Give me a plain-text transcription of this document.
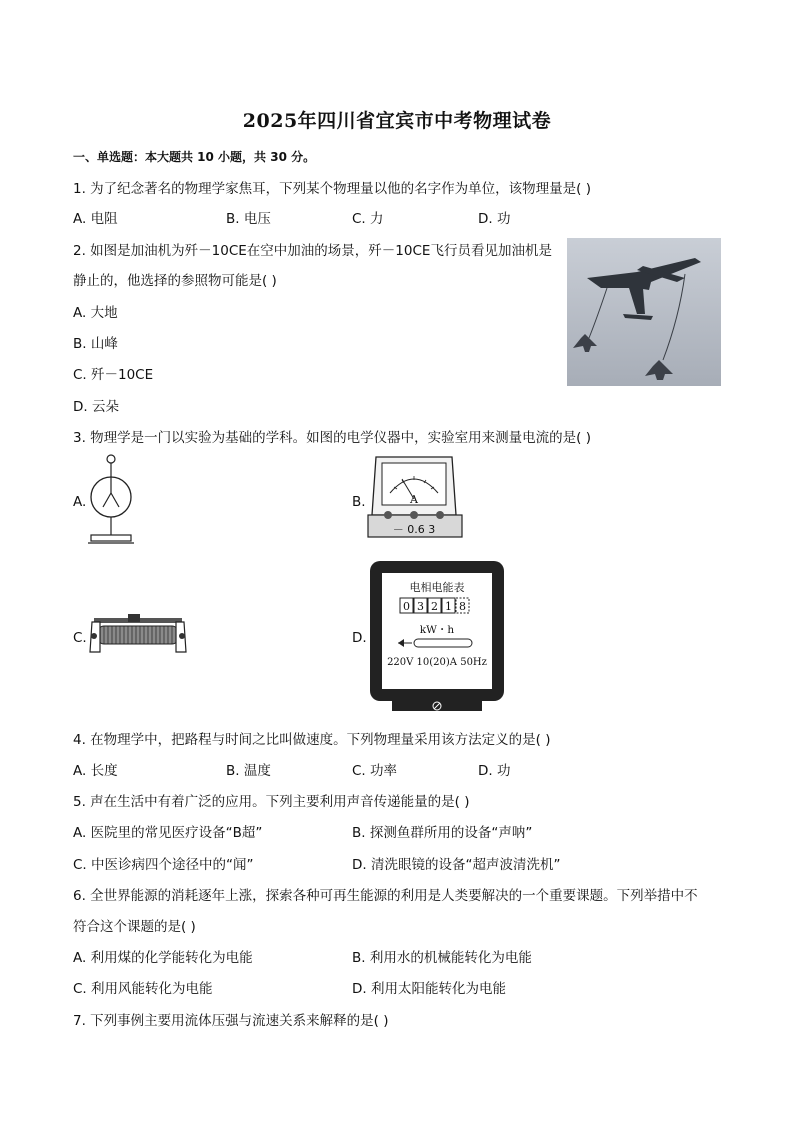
2025年四川省宜宾市中考物理试卷
一、单选题：本大题共 10 小题，共 30 分。
1. 为了纪念著名的物理学家焦耳，下列某个物理量以他的名字作为单位，该物理量是( )
A. 电阻	B. 电压	C. 力	D. 功
2. 如图是加油机为歼－10CE在空中加油的场景，歼－10CE飞行员看见加油机是
静止的，他选择的参照物可能是( )
A. 大地
B. 山峰
C. 歼－10CE
D. 云朵
3. 物理学是一门以实验为基础的学科。如图的电学仪器中，实验室用来测量电流的是( )
A.	B.	A
－ 0.6 3
C.	D.
电相电能表
0 3 2 1 8
kW・h
220V 10(20)A 50Hz
4. 在物理学中，把路程与时间之比叫做速度。下列物理量采用该方法定义的是( )
A. 长度	B. 温度	C. 功率	D. 功
5. 声在生活中有着广泛的应用。下列主要利用声音传递能量的是( )
A. 医院里的常见医疗设备“B超”	B. 探测鱼群所用的设备“声呐”
C. 中医诊病四个途径中的“闻”	D. 清洗眼镜的设备“超声波清洗机”
6. 全世界能源的消耗逐年上涨，探索各种可再生能源的利用是人类要解决的一个重要课题。下列举措中不
符合这个课题的是( )
A. 利用煤的化学能转化为电能	B. 利用水的机械能转化为电能
C. 利用风能转化为电能	D. 利用太阳能转化为电能
7. 下列事例主要用流体压强与流速关系来解释的是( )
